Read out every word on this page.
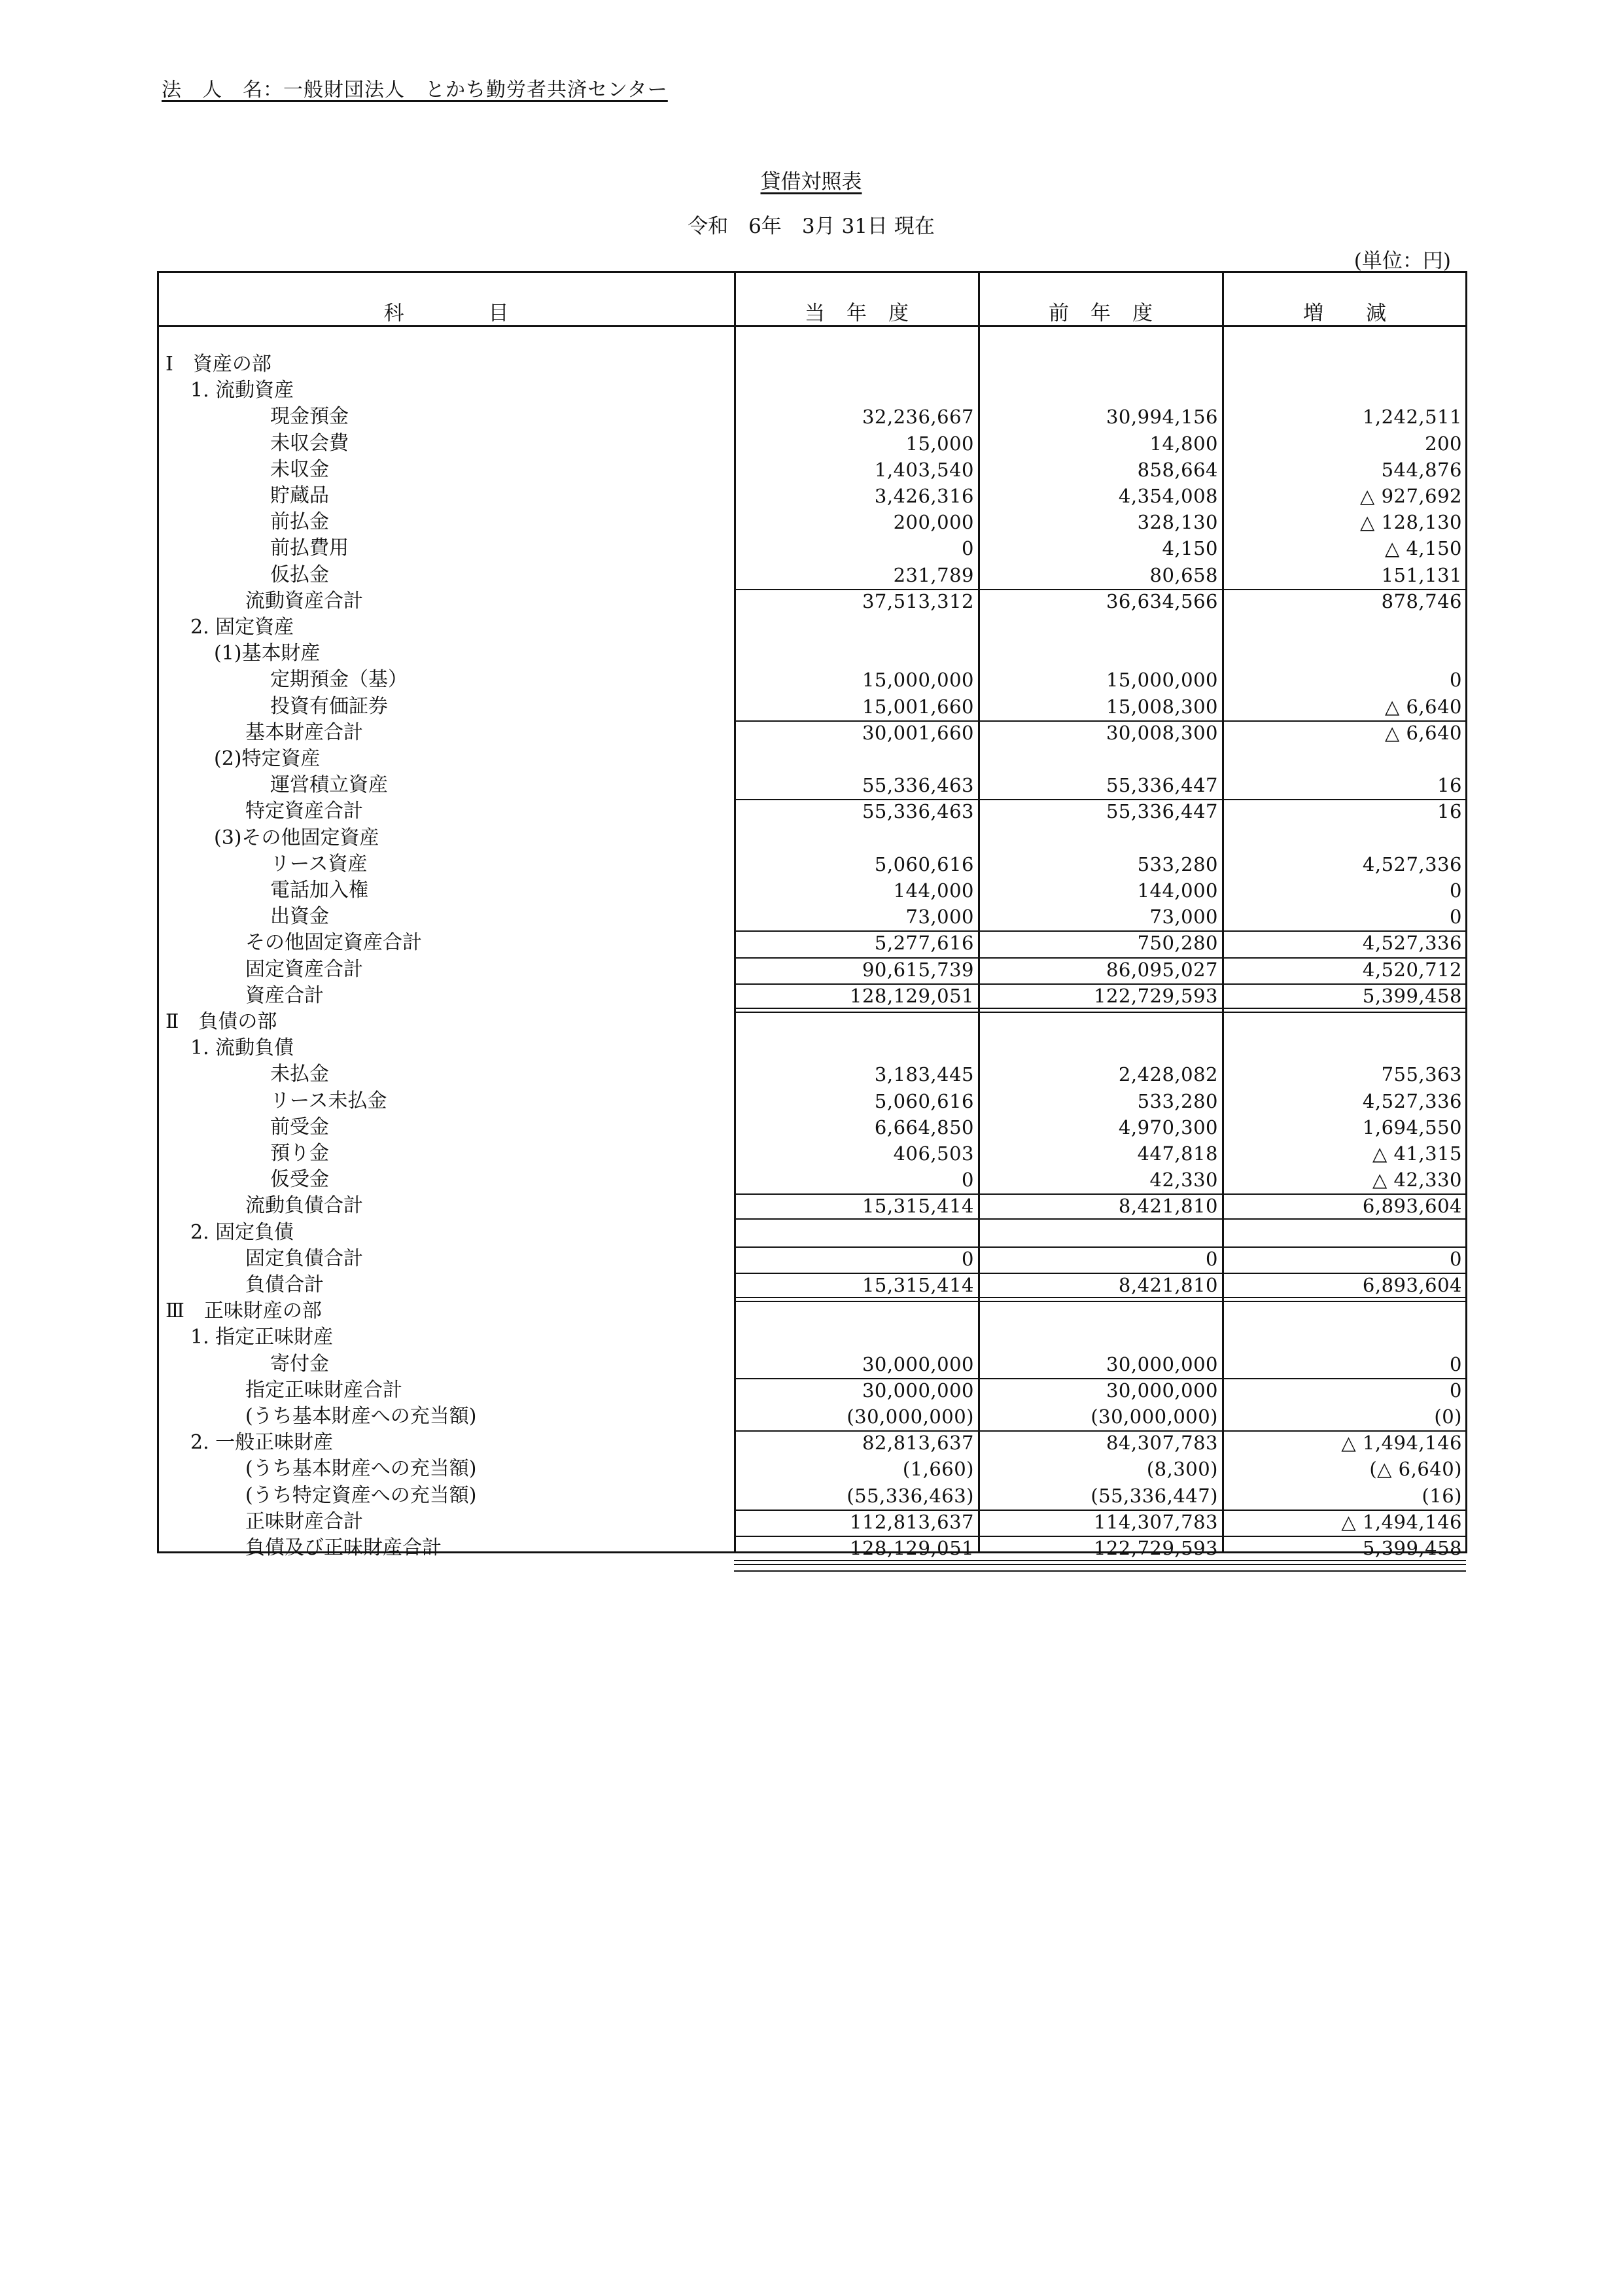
法　人　名：一般財団法人　とかち勤労者共済センター
貸借対照表
令和　6年　3月 31日 現在
(単位：円)
科　　　　目	当　年　度	前　年　度	増　　減
Ⅰ　資産の部
1. 流動資産
現金預金	32,236,667	30,994,156	1,242,511
未収会費	15,000	14,800	200
未収金	1,403,540	858,664	544,876
貯蔵品	3,426,316	4,354,008	△ 927,692
前払金	200,000	328,130	△ 128,130
前払費用	0	4,150	△ 4,150
仮払金	231,789	80,658	151,131
流動資産合計	37,513,312	36,634,566	878,746
2. 固定資産
(1)基本財産
定期預金（基）	15,000,000	15,000,000	0
投資有価証券	15,001,660	15,008,300	△ 6,640
基本財産合計	30,001,660	30,008,300	△ 6,640
(2)特定資産
運営積立資産	55,336,463	55,336,447	16
特定資産合計	55,336,463	55,336,447	16
(3)その他固定資産
リース資産	5,060,616	533,280	4,527,336
電話加入権	144,000	144,000	0
出資金	73,000	73,000	0
その他固定資産合計	5,277,616	750,280	4,527,336
固定資産合計	90,615,739	86,095,027	4,520,712
資産合計	128,129,051	122,729,593	5,399,458
Ⅱ　負債の部
1. 流動負債
未払金	3,183,445	2,428,082	755,363
リース未払金	5,060,616	533,280	4,527,336
前受金	6,664,850	4,970,300	1,694,550
預り金	406,503	447,818	△ 41,315
仮受金	0	42,330	△ 42,330
流動負債合計	15,315,414	8,421,810	6,893,604
2. 固定負債
固定負債合計	0	0	0
負債合計	15,315,414	8,421,810	6,893,604
Ⅲ　正味財産の部
1. 指定正味財産
寄付金	30,000,000	30,000,000	0
指定正味財産合計	30,000,000	30,000,000	0
(うち基本財産への充当額)	(30,000,000)	(30,000,000)	(0)
2. 一般正味財産	82,813,637	84,307,783	△ 1,494,146
(うち基本財産への充当額)	(1,660)	(8,300)	(△ 6,640)
(うち特定資産への充当額)	(55,336,463)	(55,336,447)	(16)
正味財産合計	112,813,637	114,307,783	△ 1,494,146
負債及び正味財産合計	128,129,051	122,729,593	5,399,458
